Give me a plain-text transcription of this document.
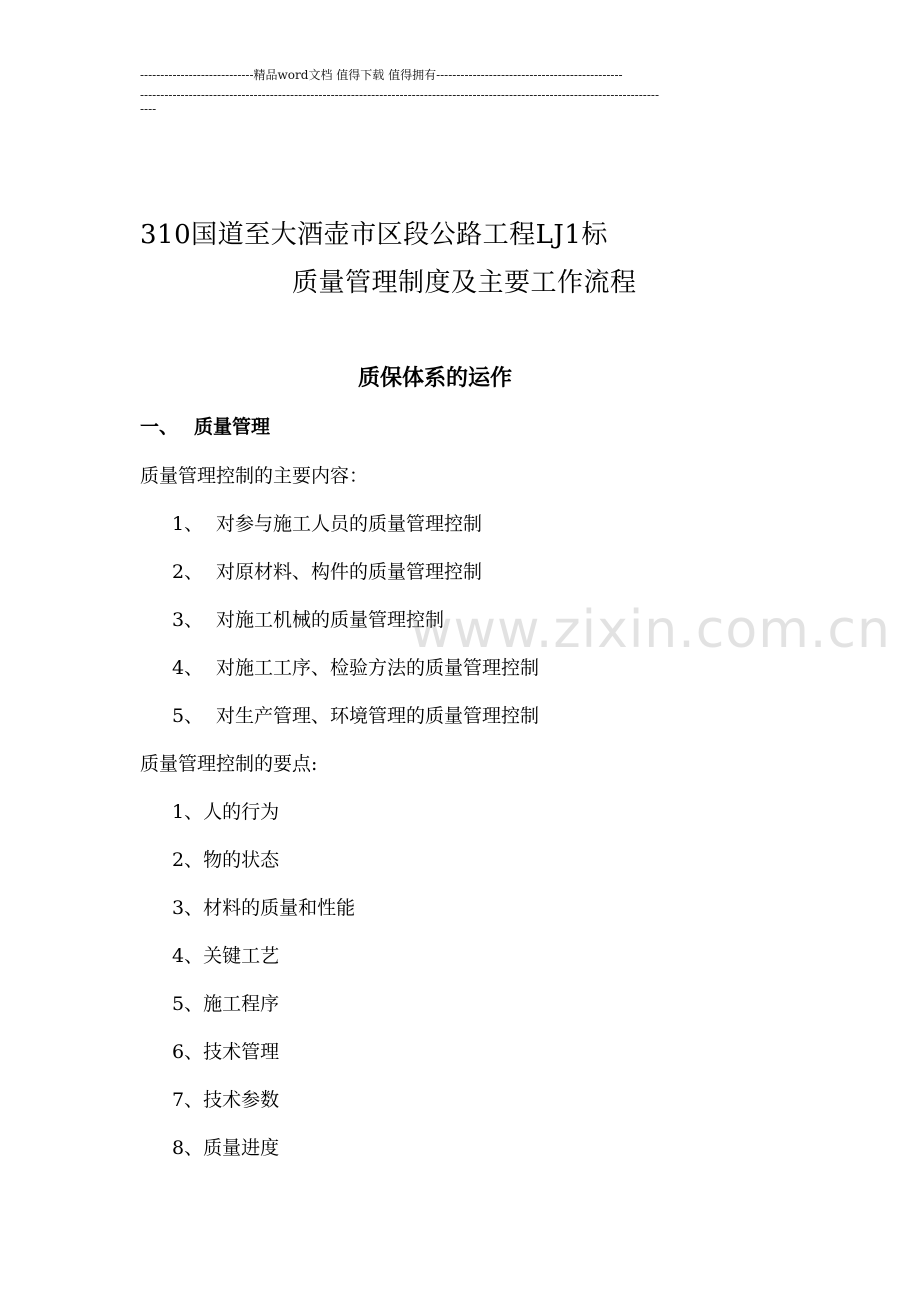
----------------------------精品word文档 值得下载 值得拥有----------------------------------------------
--------------------------------------------------------------------------------------------------------------------------------
----
310国道至大酒壶市区段公路工程LJ1标
质量管理制度及主要工作流程
质保体系的运作
一、 质量管理
质量管理控制的主要内容：
1、 对参与施工人员的质量管理控制
2、 对原材料、构件的质量管理控制
3、 对施工机械的质量管理控制
4、 对施工工序、检验方法的质量管理控制
5、 对生产管理、环境管理的质量管理控制
质量管理控制的要点:
1、人的行为
2、物的状态
3、材料的质量和性能
4、关键工艺
5、施工程序
6、技术管理
7、技术参数
8、质量进度
www.zixin.com.cn
